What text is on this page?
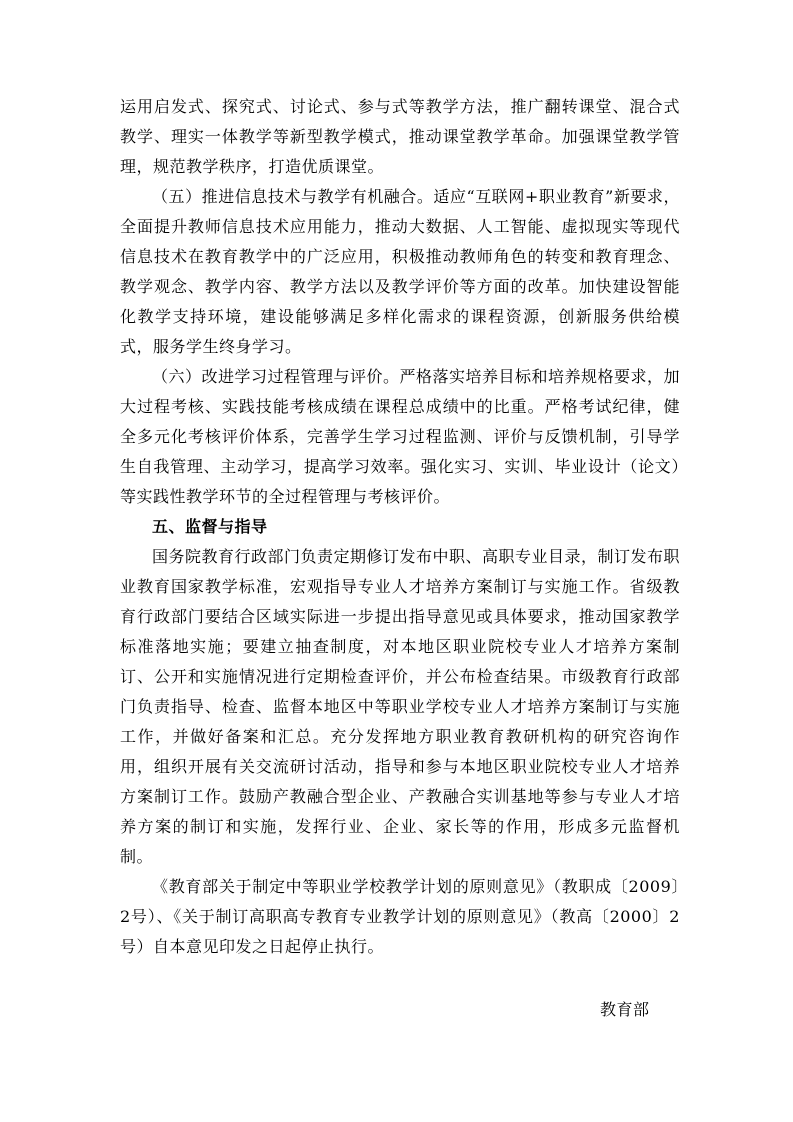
运用启发式、探究式、讨论式、参与式等教学方法，推广翻转课堂、混合式教学、理实一体教学等新型教学模式，推动课堂教学革命。加强课堂教学管理，规范教学秩序，打造优质课堂。

（五）推进信息技术与教学有机融合。适应“互联网+职业教育”新要求，全面提升教师信息技术应用能力，推动大数据、人工智能、虚拟现实等现代信息技术在教育教学中的广泛应用，积极推动教师角色的转变和教育理念、教学观念、教学内容、教学方法以及教学评价等方面的改革。加快建设智能化教学支持环境，建设能够满足多样化需求的课程资源，创新服务供给模式，服务学生终身学习。

（六）改进学习过程管理与评价。严格落实培养目标和培养规格要求，加大过程考核、实践技能考核成绩在课程总成绩中的比重。严格考试纪律，健全多元化考核评价体系，完善学生学习过程监测、评价与反馈机制，引导学生自我管理、主动学习，提高学习效率。强化实习、实训、毕业设计（论文）等实践性教学环节的全过程管理与考核评价。

五、监督与指导

国务院教育行政部门负责定期修订发布中职、高职专业目录，制订发布职业教育国家教学标准，宏观指导专业人才培养方案制订与实施工作。省级教育行政部门要结合区域实际进一步提出指导意见或具体要求，推动国家教学标准落地实施；要建立抽查制度，对本地区职业院校专业人才培养方案制订、公开和实施情况进行定期检查评价，并公布检查结果。市级教育行政部门负责指导、检查、监督本地区中等职业学校专业人才培养方案制订与实施工作，并做好备案和汇总。充分发挥地方职业教育教研机构的研究咨询作用，组织开展有关交流研讨活动，指导和参与本地区职业院校专业人才培养方案制订工作。鼓励产教融合型企业、产教融合实训基地等参与专业人才培养方案的制订和实施，发挥行业、企业、家长等的作用，形成多元监督机制。

《教育部关于制定中等职业学校教学计划的原则意见》（教职成〔2009〕2号）、《关于制订高职高专教育专业教学计划的原则意见》（教高〔2000〕2号）自本意见印发之日起停止执行。

教育部
